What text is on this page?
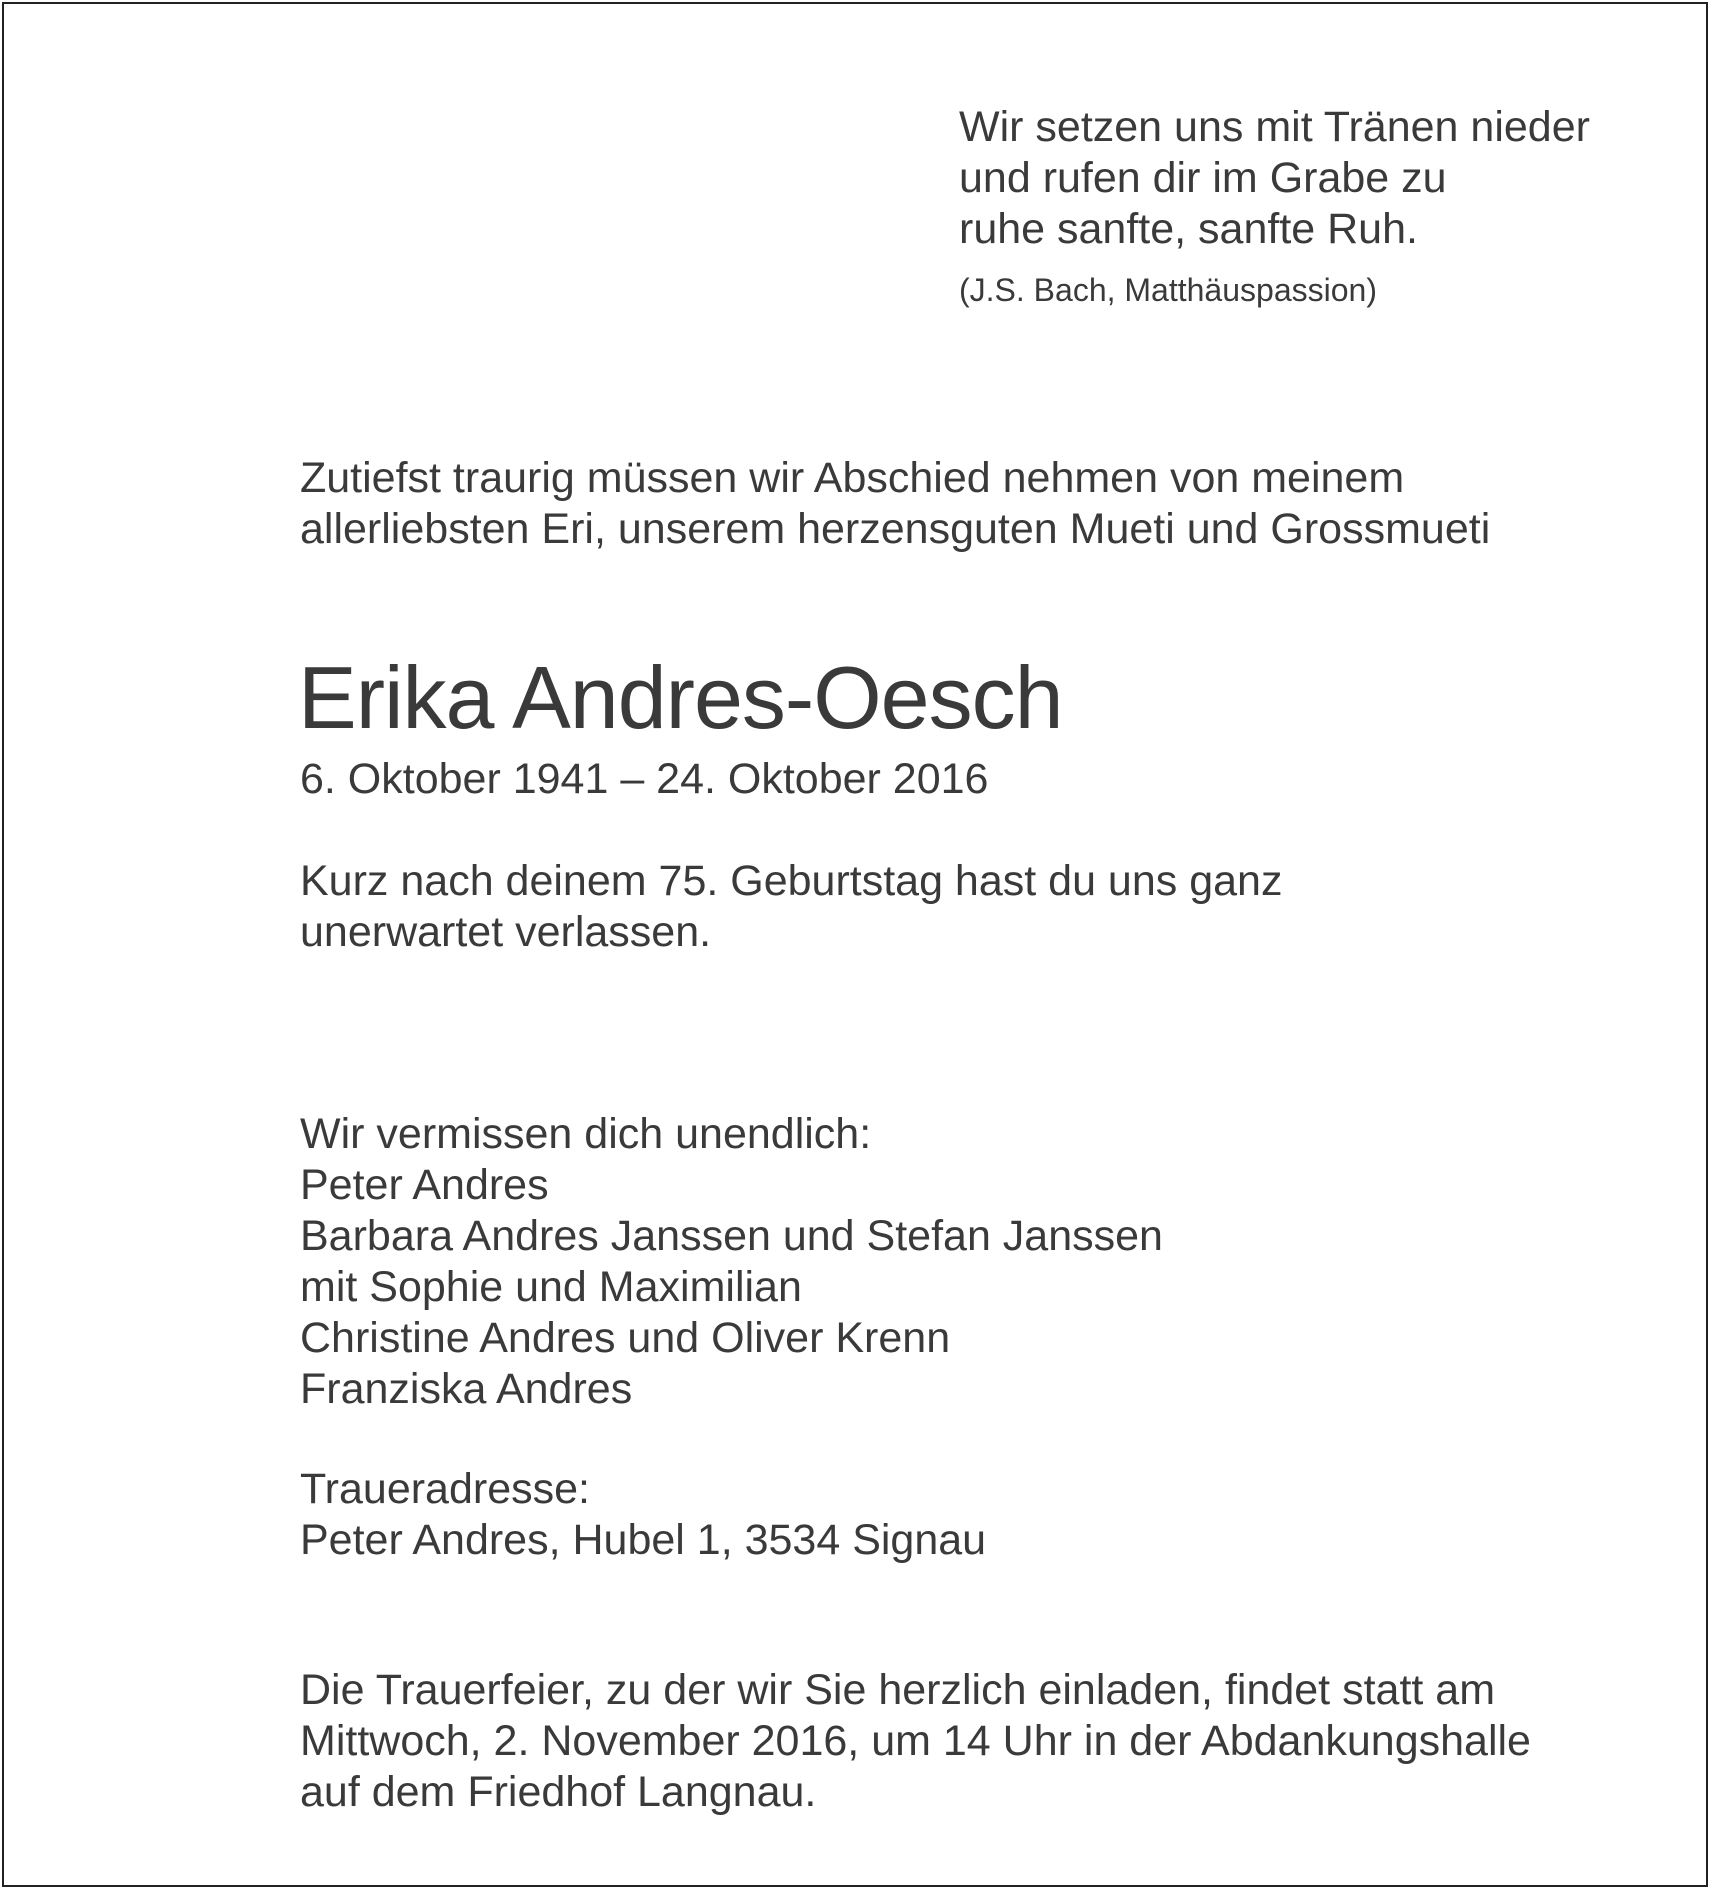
Wir setzen uns mit Tränen nieder
und rufen dir im Grabe zu
ruhe sanfte, sanfte Ruh.
(J.S. Bach, Matthäuspassion)
Zutiefst traurig müssen wir Abschied nehmen von meinem
allerliebsten Eri, unserem herzensguten Mueti und Grossmueti
Erika Andres-Oesch
6. Oktober 1941 – 24. Oktober 2016
Kurz nach deinem 75. Geburtstag hast du uns ganz
unerwartet verlassen.
Wir vermissen dich unendlich:
Peter Andres
Barbara Andres Janssen und Stefan Janssen
mit Sophie und Maximilian
Christine Andres und Oliver Krenn
Franziska Andres
Traueradresse:
Peter Andres, Hubel 1, 3534 Signau
Die Trauerfeier, zu der wir Sie herzlich einladen, findet statt am
Mittwoch, 2. November 2016, um 14 Uhr in der Abdankungshalle
auf dem Friedhof Langnau.
